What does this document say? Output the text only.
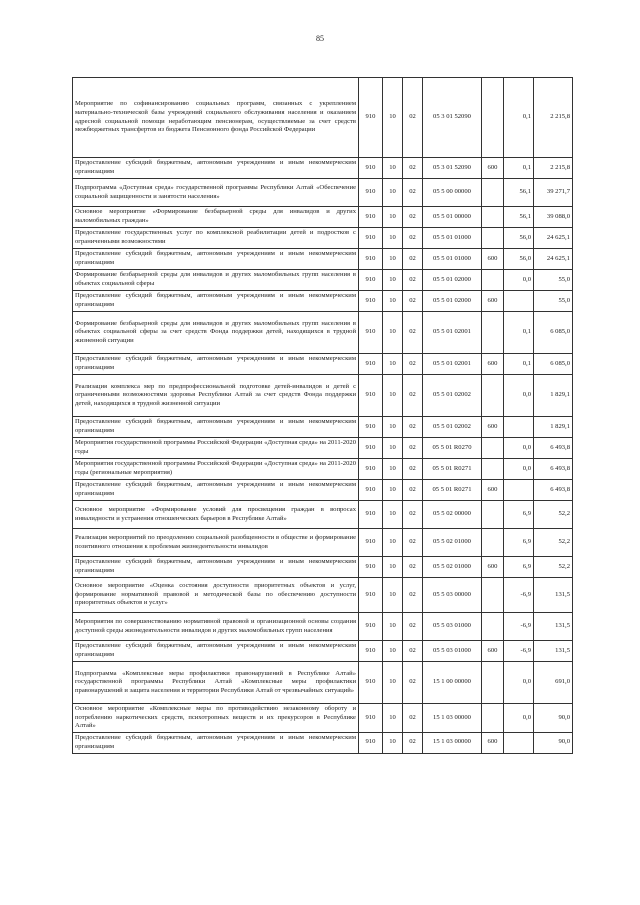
85
Мероприятие по софинансированию социальных программ, связанных с укреплением материально-технической базы учреждений социального обслуживания населения и оказанием адресной социальной помощи неработающим пенсионерам, осуществляемые за счет средств межбюджетных трансфертов из бюджета Пенсионного фонда Российской Федерации	910	10	02	05 3 01 52090		0,1	2 215,8
Предоставление субсидий бюджетным, автономным учреждениям и иным некоммерческим организациям	910	10	02	05 3 01 52090	600	0,1	2 215,8
Подпрограмма «Доступная среда» государственной программы Республики Алтай «Обеспечение социальной защищенности и занятости населения»	910	10	02	05 5 00 00000		56,1	39 271,7
Основное мероприятие «Формирование безбарьерной среды для инвалидов и других маломобильных граждан»	910	10	02	05 5 01 00000		56,1	39 088,0
Предоставление государственных услуг по комплексной реабилитации детей и подростков с ограниченными возможностями	910	10	02	05 5 01 01000		56,0	24 625,1
Предоставление субсидий бюджетным, автономным учреждениям и иным некоммерческим организациям	910	10	02	05 5 01 01000	600	56,0	24 625,1
Формирование безбарьерной среды для инвалидов и других маломобильных групп населения в объектах социальной сферы	910	10	02	05 5 01 02000		0,0	55,0
Предоставление субсидий бюджетным, автономным учреждениям и иным некоммерческим организациям	910	10	02	05 5 01 02000	600		55,0
Формирование безбарьерной среды для инвалидов и других маломобильных групп населения в объектах социальной сферы за счет средств Фонда поддержки детей, находящихся в трудной жизненной ситуации	910	10	02	05 5 01 02001		0,1	6 085,0
Предоставление субсидий бюджетным, автономным учреждениям и иным некоммерческим организациям	910	10	02	05 5 01 02001	600	0,1	6 085,0
Реализация комплекса мер по предпрофессиональной подготовке детей-инвалидов и детей с ограниченными возможностями здоровья Республики Алтай за счет средств Фонда поддержки детей, находящихся в трудной жизненной ситуации	910	10	02	05 5 01 02002		0,0	1 829,1
Предоставление субсидий бюджетным, автономным учреждениям и иным некоммерческим организациям	910	10	02	05 5 01 02002	600		1 829,1
Мероприятия государственной программы Российской Федерации «Доступная среда» на 2011-2020 годы	910	10	02	05 5 01 R0270		0,0	6 493,8
Мероприятия государственной программы Российской Федерации «Доступная среда» на 2011-2020 годы (региональные мероприятия)	910	10	02	05 5 01 R0271		0,0	6 493,8
Предоставление субсидий бюджетным, автономным учреждениям и иным некоммерческим организациям	910	10	02	05 5 01 R0271	600		6 493,8
Основное мероприятие «Формирование условий для просвещения граждан в вопросах инвалидности и устранения отношенческих барьеров в Республике Алтай»	910	10	02	05 5 02 00000		6,9	52,2
Реализация мероприятий по преодолению социальной разобщенности в обществе и формирование позитивного отношения к проблемам жизнедеятельности инвалидов	910	10	02	05 5 02 01000		6,9	52,2
Предоставление субсидий бюджетным, автономным учреждениям и иным некоммерческим организациям	910	10	02	05 5 02 01000	600	6,9	52,2
Основное мероприятие «Оценка состояния доступности приоритетных объектов и услуг, формирование нормативной правовой и методической базы по обеспечению доступности приоритетных объектов и услуг»	910	10	02	05 5 03 00000		-6,9	131,5
Мероприятия по совершенствованию нормативной правовой и организационной основы создания доступной среды жизнедеятельности инвалидов и других маломобильных групп населения	910	10	02	05 5 03 01000		-6,9	131,5
Предоставление субсидий бюджетным, автономным учреждениям и иным некоммерческим организациям	910	10	02	05 5 03 01000	600	-6,9	131,5
Подпрограмма «Комплексные меры профилактики правонарушений в Республике Алтай» государственной программы Республики Алтай «Комплексные меры профилактики правонарушений и защита населения и территории Республики Алтай от чрезвычайных ситуаций»	910	10	02	15 1 00 00000		0,0	691,0
Основное мероприятие «Комплексные меры по противодействию незаконному обороту и потреблению наркотических средств, психотропных веществ и их прекурсоров в Республике Алтай»	910	10	02	15 1 03 00000		0,0	90,0
Предоставление субсидий бюджетным, автономным учреждениям и иным некоммерческим организациям	910	10	02	15 1 03 00000	600		90,0
